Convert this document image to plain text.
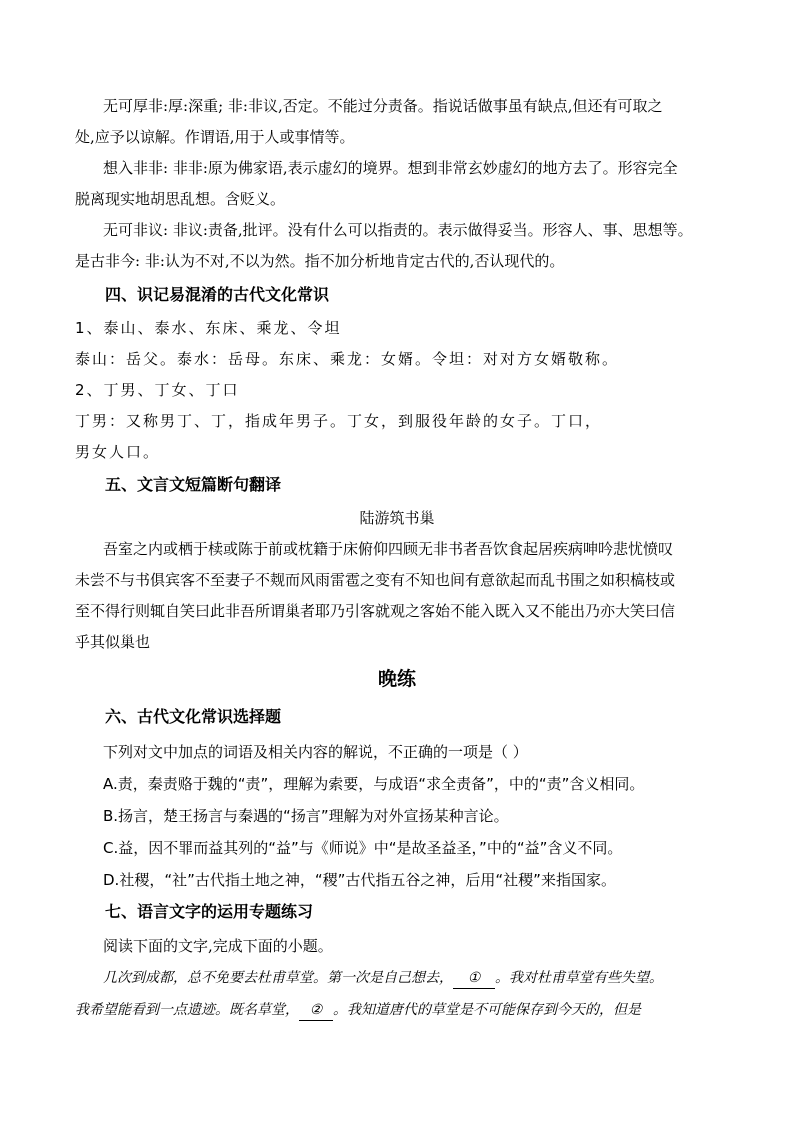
无可厚非:厚:深重; 非:非议,否定。不能过分责备。指说话做事虽有缺点,但还有可取之
处,应予以谅解。作谓语,用于人或事情等。
想入非非: 非非:原为佛家语,表示虚幻的境界。想到非常玄妙虚幻的地方去了。形容完全
脱离现实地胡思乱想。含贬义。
无可非议: 非议:责备,批评。没有什么可以指责的。表示做得妥当。形容人、事、思想等。
是古非今: 非:认为不对,不以为然。指不加分析地肯定古代的,否认现代的。
四、识记易混淆的古代文化常识
1、泰山、泰水、东床、乘龙、令坦
泰山：岳父。泰水：岳母。东床、乘龙：女婿。令坦：对对方女婿敬称。
2、丁男、丁女、丁口
丁男：又称男丁、丁，指成年男子。丁女，到服役年龄的女子。丁口，
男女人口。
五、文言文短篇断句翻译
陆游筑书巢
吾室之内或栖于椟或陈于前或枕籍于床俯仰四顾无非书者吾饮食起居疾病呻吟悲忧愤叹
未尝不与书俱宾客不至妻子不觌而风雨雷雹之变有不知也间有意欲起而乱书围之如积槁枝或
至不得行则辄自笑曰此非吾所谓巢者耶乃引客就观之客始不能入既入又不能出乃亦大笑曰信
乎其似巢也
晚练
六、古代文化常识选择题
下列对文中加点的词语及相关内容的解说，不正确的一项是（ ）
A.责，秦责赂于魏的“责”，理解为索要，与成语“求全责备”，中的“责”含义相同。
B.扬言，楚王扬言与秦遇的“扬言”理解为对外宣扬某种言论。
C.益，因不罪而益其列的“益”与《师说》中“是故圣益圣，”中的“益”含义不同。
D.社稷，“社”古代指土地之神，“稷”古代指五谷之神，后用“社稷”来指国家。
七、语言文字的运用专题练习
阅读下面的文字,完成下面的小题。
几次到成都，总不免要去杜甫草堂。第一次是自己想去， ① 。我对杜甫草堂有些失望。
我希望能看到一点遗迹。既名草堂， ② 。我知道唐代的草堂是不可能保存到今天的，但是
